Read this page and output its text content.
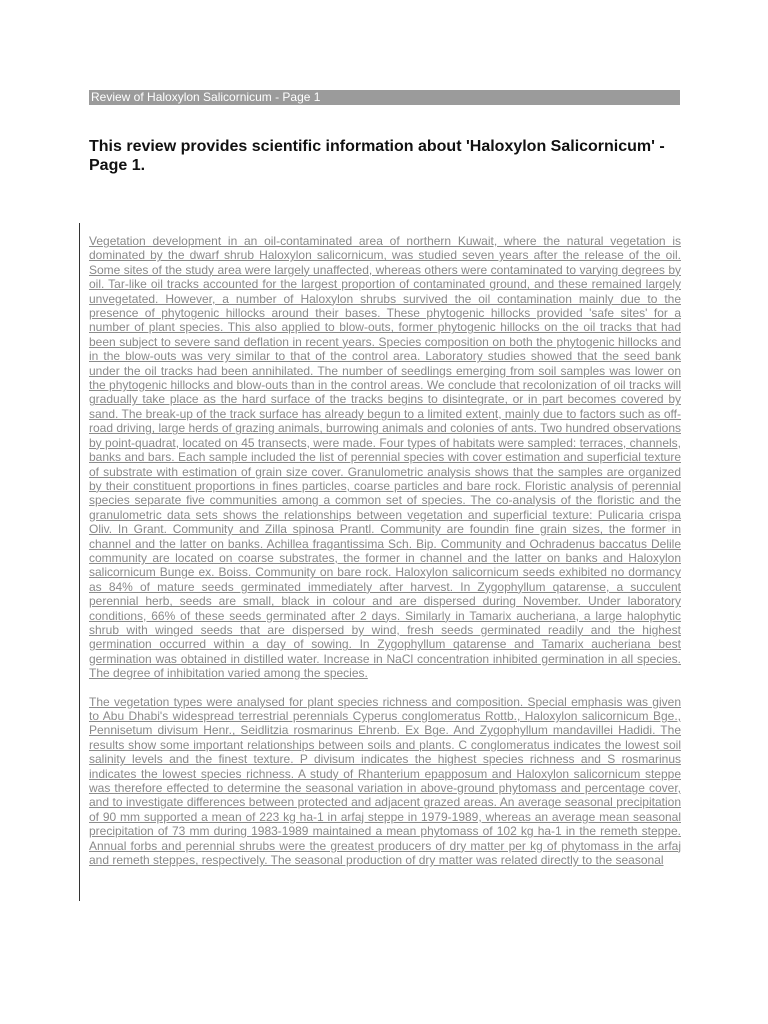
Review of Haloxylon Salicornicum - Page 1
This review provides scientific information about 'Haloxylon Salicornicum' - Page 1.

Vegetation development in an oil-contaminated area of northern Kuwait, where the natural vegetation is dominated by the dwarf shrub Haloxylon salicornicum, was studied seven years after the release of the oil. Some sites of the study area were largely unaffected, whereas others were contaminated to varying degrees by oil. Tar-like oil tracks accounted for the largest proportion of contaminated ground, and these remained largely unvegetated. However, a number of Haloxylon shrubs survived the oil contamination mainly due to the presence of phytogenic hillocks around their bases. These phytogenic hillocks provided 'safe sites' for a number of plant species. This also applied to blow-outs, former phytogenic hillocks on the oil tracks that had been subject to severe sand deflation in recent years. Species composition on both the phytogenic hillocks and in the blow-outs was very similar to that of the control area. Laboratory studies showed that the seed bank under the oil tracks had been annihilated. The number of seedlings emerging from soil samples was lower on the phytogenic hillocks and blow-outs than in the control areas. We conclude that recolonization of oil tracks will gradually take place as the hard surface of the tracks begins to disintegrate, or in part becomes covered by sand. The break-up of the track surface has already begun to a limited extent, mainly due to factors such as off-road driving, large herds of grazing animals, burrowing animals and colonies of ants. Two hundred observations by point-quadrat, located on 45 transects, were made. Four types of habitats were sampled: terraces, channels, banks and bars. Each sample included the list of perennial species with cover estimation and superficial texture of substrate with estimation of grain size cover. Granulometric analysis shows that the samples are organized by their constituent proportions in fines particles, coarse particles and bare rock. Floristic analysis of perennial species separate five communities among a common set of species. The co-analysis of the floristic and the granulometric data sets shows the relationships between vegetation and superficial texture: Pulicaria crispa Oliv. In Grant. Community and Zilla spinosa Prantl. Community are foundin fine grain sizes, the former in channel and the latter on banks. Achillea fragantissima Sch. Bip. Community and Ochradenus baccatus Delile community are located on coarse substrates, the former in channel and the latter on banks and Haloxylon salicornicum Bunge ex. Boiss. Community on bare rock. Haloxylon salicornicum seeds exhibited no dormancy as 84% of mature seeds germinated immediately after harvest. In Zygophyllum qatarense, a succulent perennial herb, seeds are small, black in colour and are dispersed during November. Under laboratory conditions, 66% of these seeds germinated after 2 days. Similarly in Tamarix aucheriana, a large halophytic shrub with winged seeds that are dispersed by wind, fresh seeds germinated readily and the highest germination occurred within a day of sowing. In Zygophyllum qatarense and Tamarix aucheriana best germination was obtained in distilled water. Increase in NaCl concentration inhibited germination in all species. The degree of inhibitation varied among the species.

The vegetation types were analysed for plant species richness and composition. Special emphasis was given to Abu Dhabi's widespread terrestrial perennials Cyperus conglomeratus Rottb., Haloxylon salicornicum Bge., Pennisetum divisum Henr., Seidlitzia rosmarinus Ehrenb. Ex Bge. And Zygophyllum mandavillei Hadidi. The results show some important relationships between soils and plants. C conglomeratus indicates the lowest soil salinity levels and the finest texture. P divisum indicates the highest species richness and S rosmarinus indicates the lowest species richness. A study of Rhanterium epapposum and Haloxylon salicornicum steppe was therefore effected to determine the seasonal variation in above-ground phytomass and percentage cover, and to investigate differences between protected and adjacent grazed areas. An average seasonal precipitation of 90 mm supported a mean of 223 kg ha-1 in arfaj steppe in 1979-1989, whereas an average mean seasonal precipitation of 73 mm during 1983-1989 maintained a mean phytomass of 102 kg ha-1 in the remeth steppe. Annual forbs and perennial shrubs were the greatest producers of dry matter per kg of phytomass in the arfaj and remeth steppes, respectively. The seasonal production of dry matter was related directly to the seasonal
